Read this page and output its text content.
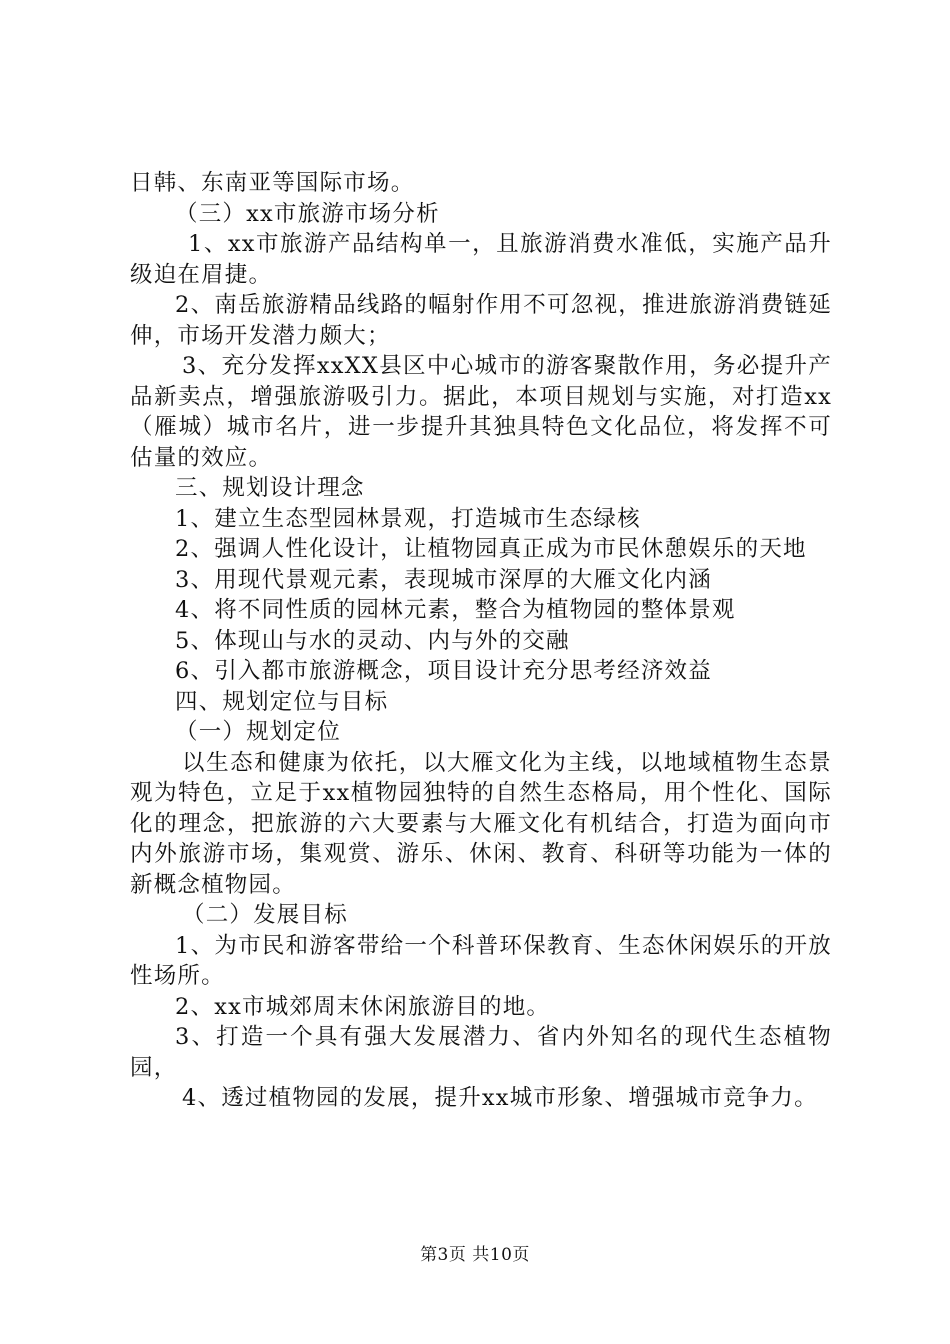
日韩、东南亚等国际市场。

（三）xx市旅游市场分析

1、xx市旅游产品结构单一，且旅游消费水准低，实施产品升级迫在眉捷。

2、南岳旅游精品线路的幅射作用不可忽视，推进旅游消费链延伸，市场开发潜力颇大；

3、充分发挥xxXX县区中心城市的游客聚散作用，务必提升产品新卖点，增强旅游吸引力。据此，本项目规划与实施，对打造xx（雁城）城市名片，进一步提升其独具特色文化品位，将发挥不可估量的效应。

三、规划设计理念

1、建立生态型园林景观，打造城市生态绿核

2、强调人性化设计，让植物园真正成为市民休憩娱乐的天地

3、用现代景观元素，表现城市深厚的大雁文化内涵

4、将不同性质的园林元素，整合为植物园的整体景观

5、体现山与水的灵动、内与外的交融

6、引入都市旅游概念，项目设计充分思考经济效益

四、规划定位与目标

（一）规划定位

以生态和健康为依托，以大雁文化为主线，以地域植物生态景观为特色，立足于xx植物园独特的自然生态格局，用个性化、国际化的理念，把旅游的六大要素与大雁文化有机结合，打造为面向市内外旅游市场，集观赏、游乐、休闲、教育、科研等功能为一体的新概念植物园。

（二）发展目标

1、为市民和游客带给一个科普环保教育、生态休闲娱乐的开放性场所。

2、xx市城郊周末休闲旅游目的地。

3、打造一个具有强大发展潜力、省内外知名的现代生态植物园，

4、透过植物园的发展，提升xx城市形象、增强城市竞争力。

第3页 共10页
